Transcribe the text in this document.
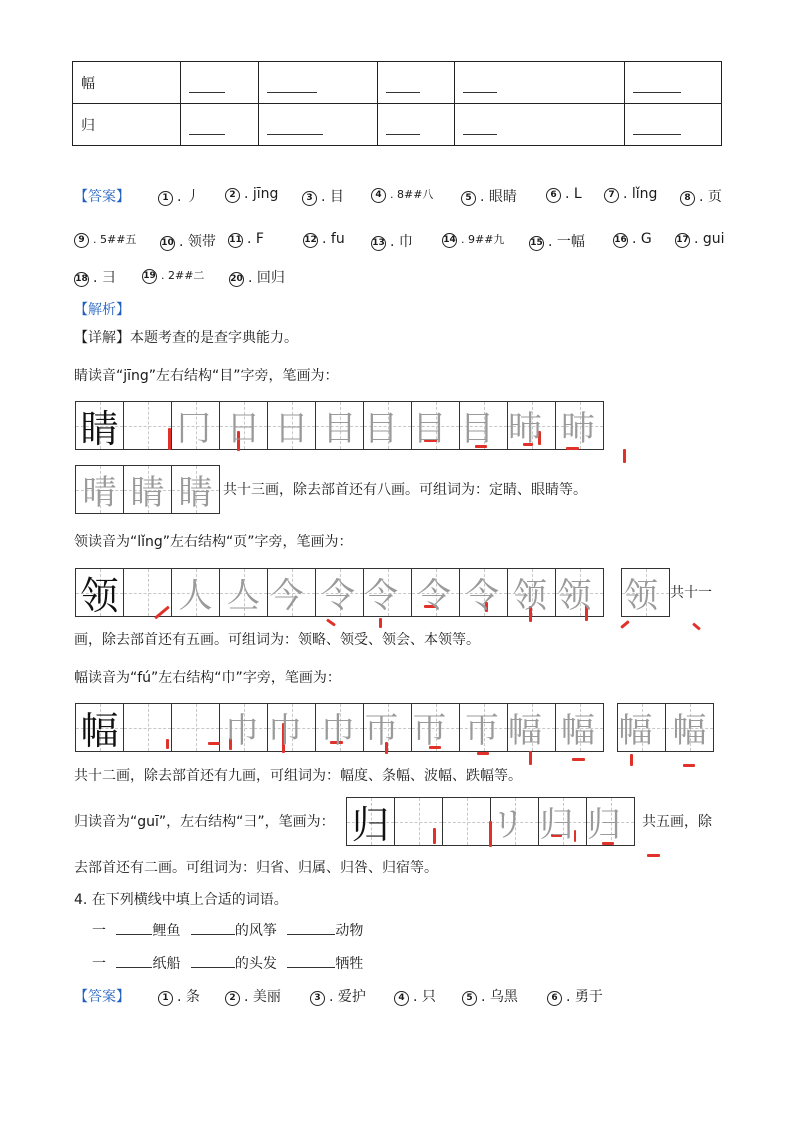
幅					
归					
【答案】	1 . 丿	2 . jīng	3 . 目	4 . 8##八	5 . 眼睛	6 . L	7 . lǐng	8 . 页
9 . 5##五	10 . 领带 11 . F	12 . fu	13 . 巾	14 . 9##九	15 . 一幅	16 . G	17 . gui
18 . 彐	19 . 2##二	20 . 回归
【解析】
【详解】本题考查的是查字典能力。
睛读音“jīng”左右结构“目”字旁，笔画为：
睛 冂 日 日 目 目 目 目 昁 昁
晴 睛 睛 共十三画，除去部首还有八画。可组词为：定睛、眼睛等。
领读音为“lǐng”左右结构“页”字旁，笔画为：
领 人 亼 今 令 令 令 令 领 领 领 共十一
画，除去部首还有五画。可组词为：领略、领受、领会、本领等。
幅读音为“fú”左右结构“巾”字旁，笔画为：
幅	巾 巾 巾 帀 帀 帀 幅 幅 幅 幅
共十二画，除去部首还有九画，可组词为：幅度、条幅、波幅、跌幅等。
归读音为“guī”，左右结构“彐”，笔画为： 归	リ 归 归 共五画，除
去部首还有二画。可组词为：归省、归属、归咎、归宿等。
4. 在下列横线中填上合适的词语。
一	鲤鱼	的风筝	动物
一	纸船	的头发	牺牲
【答案】	1 . 条	2 . 美丽	3 . 爱护	4 . 只	5 . 乌黑	6 . 勇于
